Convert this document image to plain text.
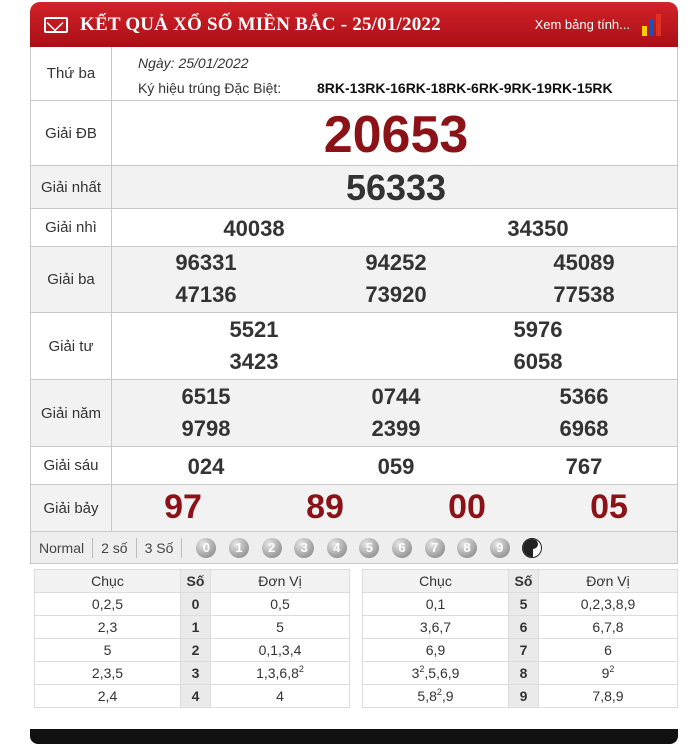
KẾT QUẢ XỔ SỐ MIỀN BẮC - 25/01/2022	Xem bảng tính...
Thứ ba
Ngày: 25/01/2022
Ký hiệu trúng Đặc Biệt:	8RK-13RK-16RK-18RK-6RK-9RK-19RK-15RK
Giải ĐB	20653
Giải nhất	56333
Giải nhì	40038	34350
Giải ba
96331	94252	45089
47136	73920	77538
Giải tư
5521	5976
3423	6058
Giải năm
6515	0744	5366
9798	2399	6968
Giải sáu	024	059	767
Giải bảy	97	89	00	05
Normal	2 số	3 Số	0	1	2	3	4	5	6	7	8	9
Chục	Số	Đơn Vị
0,2,5	0	0,5
2,3	1	5
5	2	0,1,3,4
2,3,5	3	1,3,6,8$^2$
2,4	4	4
Chục	Số	Đơn Vị
0,1	5	0,2,3,8,9
3,6,7	6	6,7,8
6,9	7	6
$3^2,5,6,9$	8	$9^2$
$5,8^2,9$	9	7,8,9
